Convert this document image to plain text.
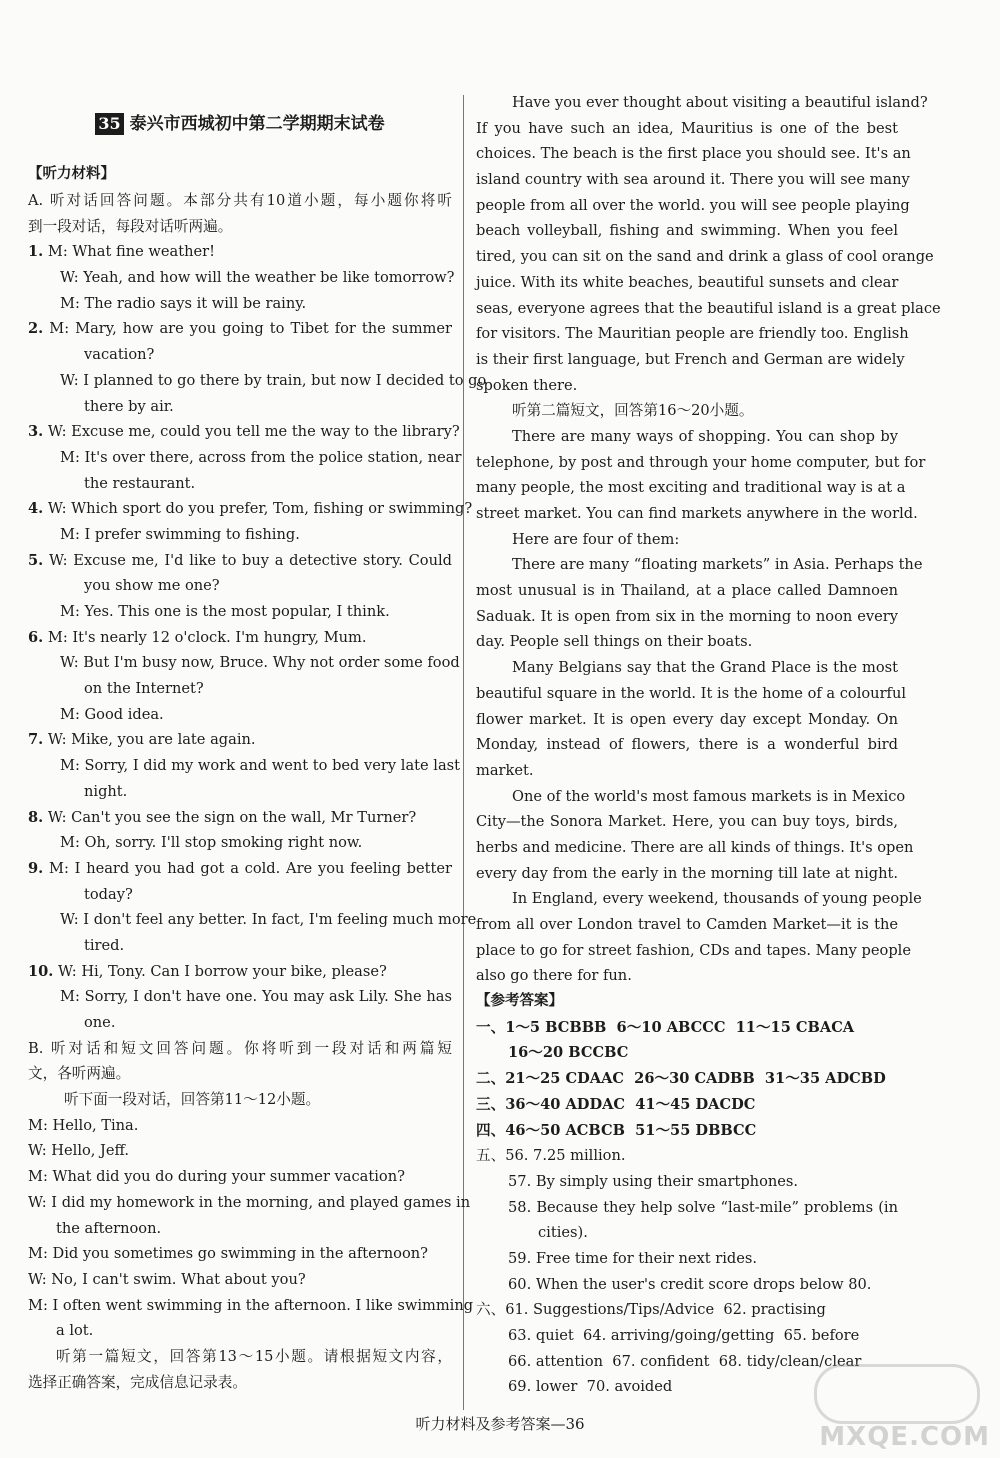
35 泰兴市西城初中第二学期期末试卷
【听力材料】
A. 听对话回答问题。本部分共有10道小题，每小题你将听
到一段对话，每段对话听两遍。
1. M: What fine weather!
W: Yeah, and how will the weather be like tomorrow?
M: The radio says it will be rainy.
2. M: Mary, how are you going to Tibet for the summer
vacation?
W: I planned to go there by train, but now I decided to go
there by air.
3. W: Excuse me, could you tell me the way to the library?
M: It's over there, across from the police station, near
the restaurant.
4. W: Which sport do you prefer, Tom, fishing or swimming?
M: I prefer swimming to fishing.
5. W: Excuse me, I'd like to buy a detective story. Could
you show me one?
M: Yes. This one is the most popular, I think.
6. M: It's nearly 12 o'clock. I'm hungry, Mum.
W: But I'm busy now, Bruce. Why not order some food
on the Internet?
M: Good idea.
7. W: Mike, you are late again.
M: Sorry, I did my work and went to bed very late last
night.
8. W: Can't you see the sign on the wall, Mr Turner?
M: Oh, sorry. I'll stop smoking right now.
9. M: I heard you had got a cold. Are you feeling better
today?
W: I don't feel any better. In fact, I'm feeling much more
tired.
10. W: Hi, Tony. Can I borrow your bike, please?
M: Sorry, I don't have one. You may ask Lily. She has
one.
B. 听对话和短文回答问题。你将听到一段对话和两篇短
文，各听两遍。
听下面一段对话，回答第11～12小题。
M: Hello, Tina.
W: Hello, Jeff.
M: What did you do during your summer vacation?
W: I did my homework in the morning, and played games in
the afternoon.
M: Did you sometimes go swimming in the afternoon?
W: No, I can't swim. What about you?
M: I often went swimming in the afternoon. I like swimming
a lot.
听第一篇短文，回答第13～15小题。请根据短文内容，
选择正确答案，完成信息记录表。
Have you ever thought about visiting a beautiful island?
If you have such an idea, Mauritius is one of the best
choices. The beach is the first place you should see. It's an
island country with sea around it. There you will see many
people from all over the world. you will see people playing
beach volleyball, fishing and swimming. When you feel
tired, you can sit on the sand and drink a glass of cool orange
juice. With its white beaches, beautiful sunsets and clear
seas, everyone agrees that the beautiful island is a great place
for visitors. The Mauritian people are friendly too. English
is their first language, but French and German are widely
spoken there.
听第二篇短文，回答第16～20小题。
There are many ways of shopping. You can shop by
telephone, by post and through your home computer, but for
many people, the most exciting and traditional way is at a
street market. You can find markets anywhere in the world.
Here are four of them:
There are many “floating markets” in Asia. Perhaps the
most unusual is in Thailand, at a place called Damnoen
Saduak. It is open from six in the morning to noon every
day. People sell things on their boats.
Many Belgians say that the Grand Place is the most
beautiful square in the world. It is the home of a colourful
flower market. It is open every day except Monday. On
Monday, instead of flowers, there is a wonderful bird
market.
One of the world's most famous markets is in Mexico
City—the Sonora Market. Here, you can buy toys, birds,
herbs and medicine. There are all kinds of things. It's open
every day from the early in the morning till late at night.
In England, every weekend, thousands of young people
from all over London travel to Camden Market—it is the
place to go for street fashion, CDs and tapes. Many people
also go there for fun.
【参考答案】
一、1～5 BCBBB  6～10 ABCCC  11～15 CBACA
16～20 BCCBC
二、21～25 CDAAC  26～30 CADBB  31～35 ADCBD
三、36～40 ADDAC  41～45 DACDC
四、46～50 ACBCB  51～55 DBBCC
五、56. 7.25 million.
57. By simply using their smartphones.
58. Because they help solve “last-mile” problems (in
cities).
59. Free time for their next rides.
60. When the user's credit score drops below 80.
六、61. Suggestions/Tips/Advice  62. practising
63. quiet  64. arriving/going/getting  65. before
66. attention  67. confident  68. tidy/clean/clear
69. lower  70. avoided
听力材料及参考答案—36	MXQE.COM
